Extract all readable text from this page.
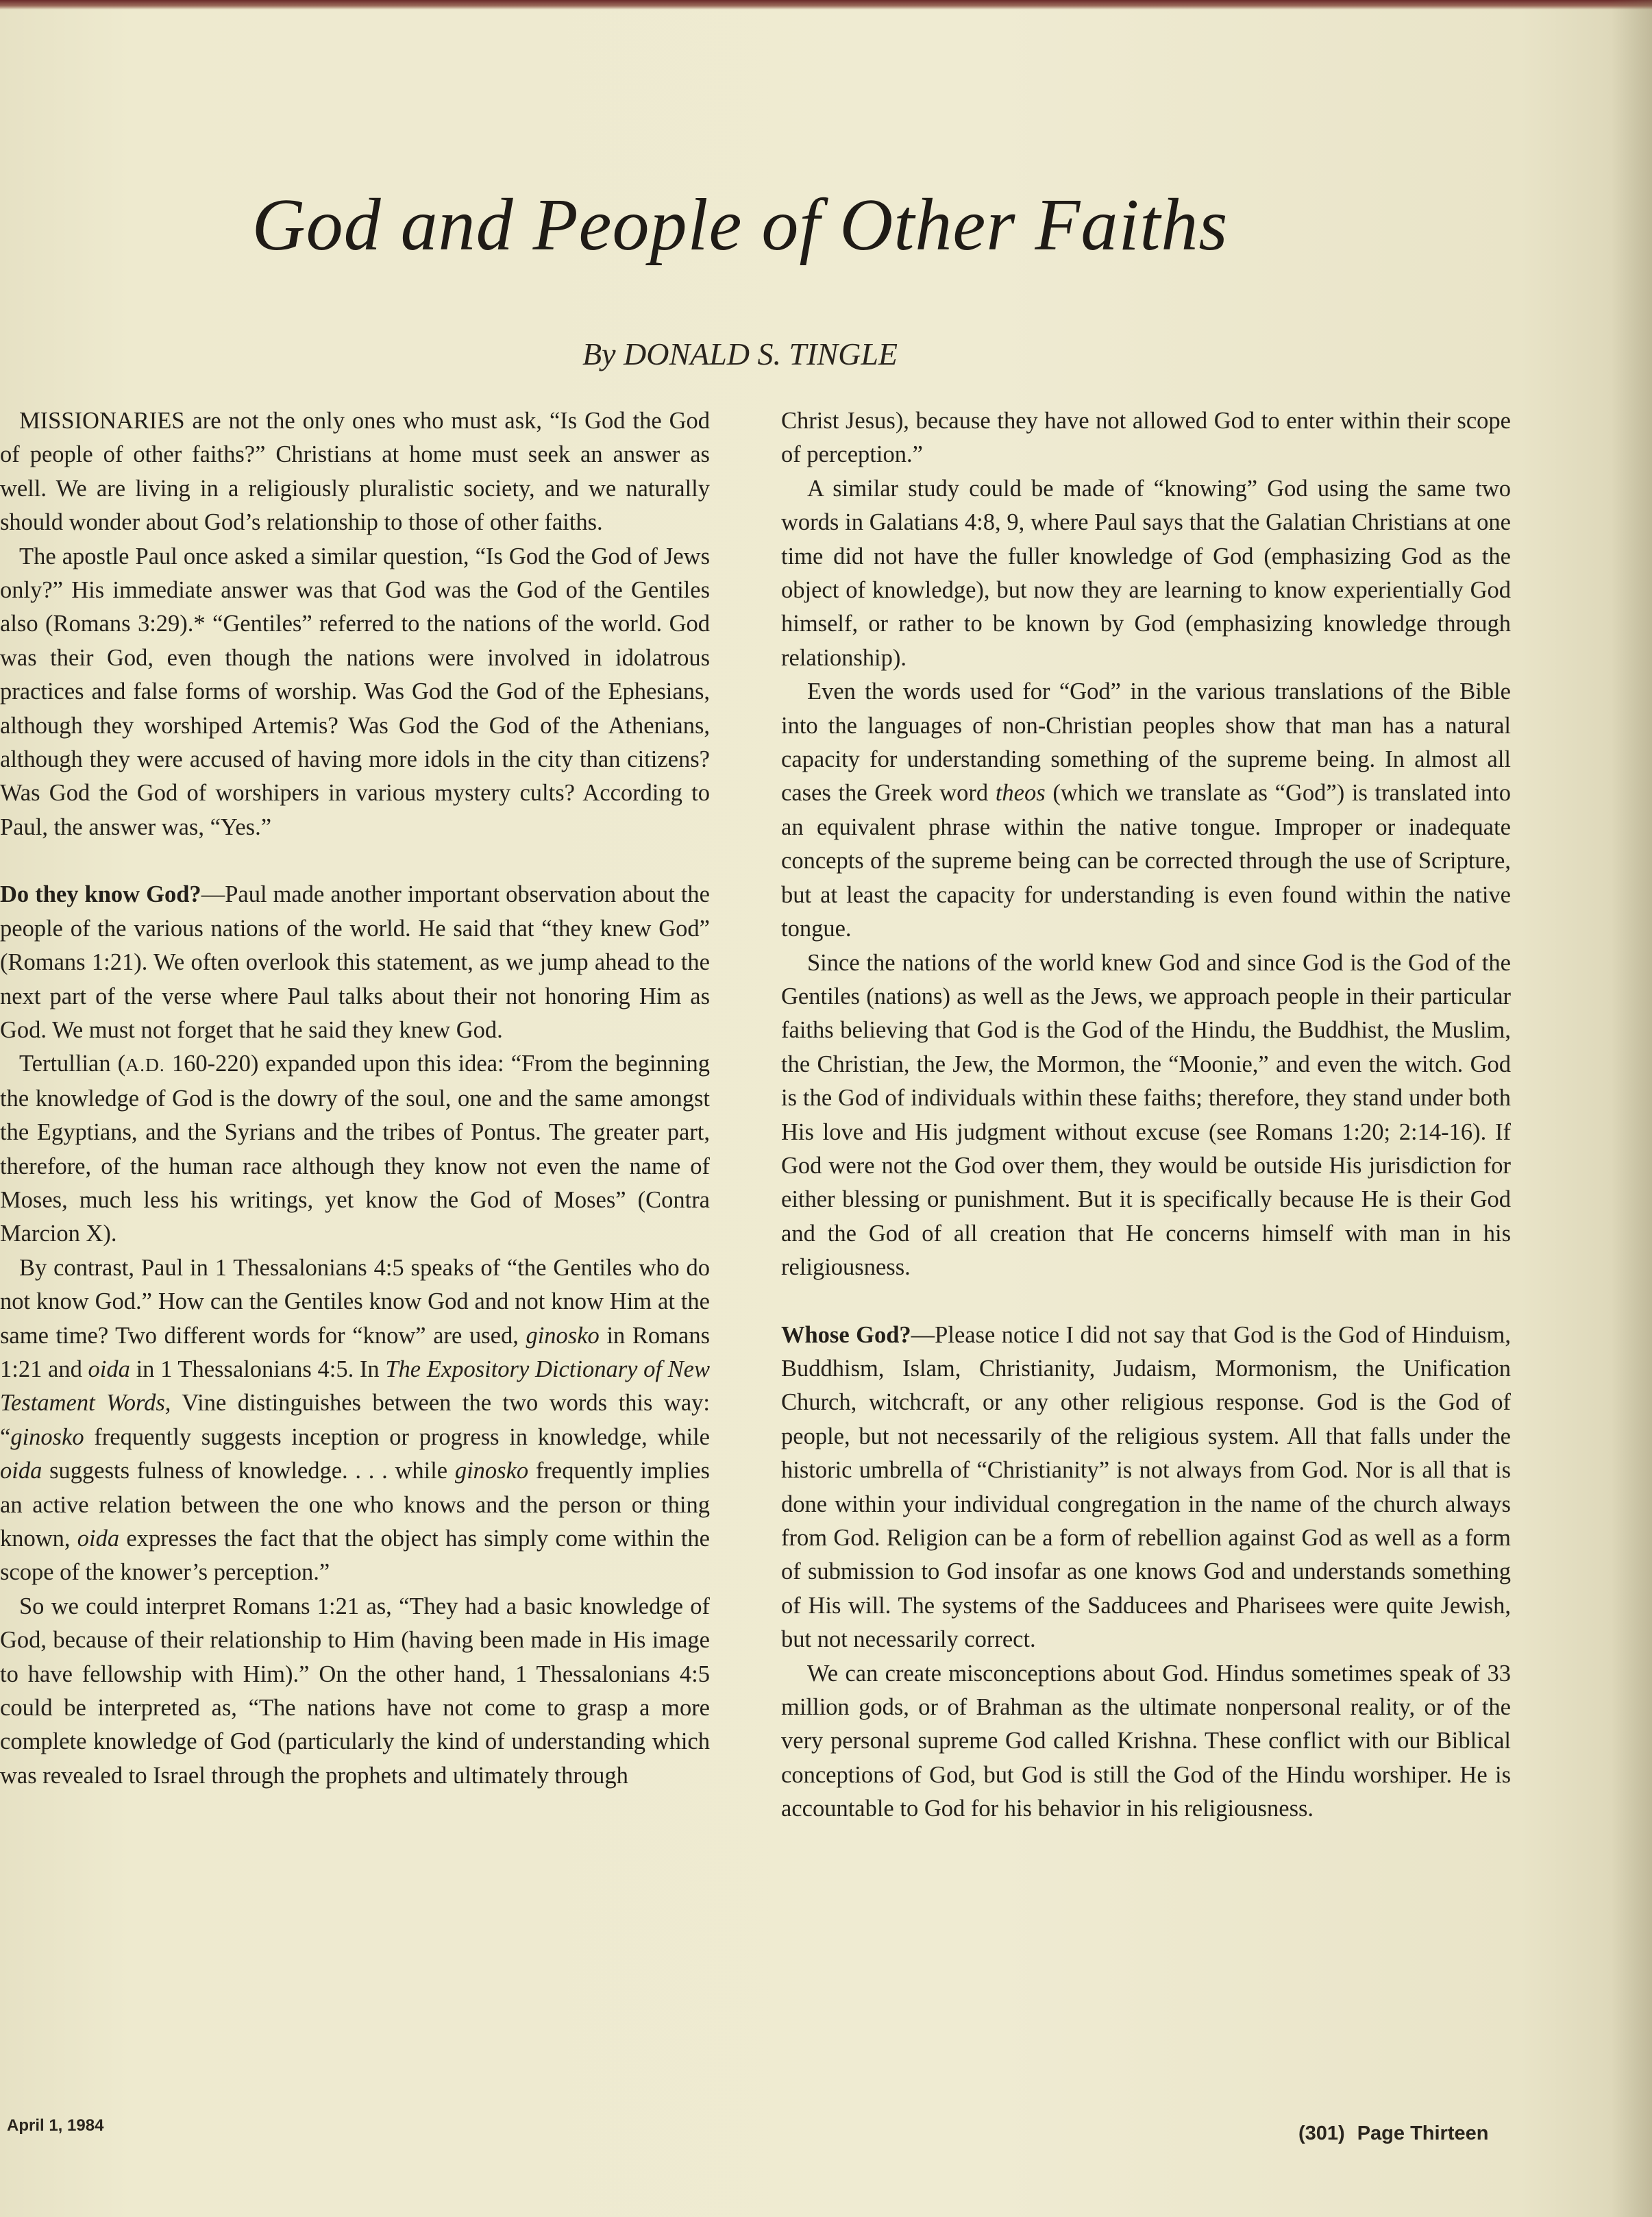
God and People of Other Faiths
By DONALD S. TINGLE

MISSIONARIES are not the only ones who must ask, “Is God the God of people of other faiths?” Christians at home must seek an answer as well. We are living in a religiously pluralistic society, and we naturally should wonder about God’s relationship to those of other faiths.

The apostle Paul once asked a similar question, “Is God the God of Jews only?” His immediate answer was that God was the God of the Gentiles also (Romans 3:29).* “Gentiles” referred to the nations of the world. God was their God, even though the nations were involved in idolatrous practices and false forms of worship. Was God the God of the Ephesians, although they worshiped Artemis? Was God the God of the Athenians, although they were accused of having more idols in the city than citizens? Was God the God of worshipers in various mystery cults? According to Paul, the answer was, “Yes.”

Do they know God?—Paul made another important observation about the people of the various nations of the world. He said that “they knew God” (Romans 1:21). We often overlook this statement, as we jump ahead to the next part of the verse where Paul talks about their not honoring Him as God. We must not forget that he said they knew God.

Tertullian (A.D. 160-220) expanded upon this idea: “From the beginning the knowledge of God is the dowry of the soul, one and the same amongst the Egyptians, and the Syrians and the tribes of Pontus. The greater part, therefore, of the human race although they know not even the name of Moses, much less his writings, yet know the God of Moses” (Contra Marcion X).

By contrast, Paul in 1 Thessalonians 4:5 speaks of “the Gentiles who do not know God.” How can the Gentiles know God and not know Him at the same time? Two different words for “know” are used, ginosko in Romans 1:21 and oida in 1 Thessalonians 4:5. In The Expository Dictionary of New Testament Words, Vine distinguishes between the two words this way: “ginosko frequently suggests inception or progress in knowledge, while oida suggests fulness of knowledge. . . . while ginosko frequently implies an active relation between the one who knows and the person or thing known, oida expresses the fact that the object has simply come within the scope of the knower’s perception.”

So we could interpret Romans 1:21 as, “They had a basic knowledge of God, because of their relationship to Him (having been made in His image to have fellowship with Him).” On the other hand, 1 Thessalonians 4:5 could be interpreted as, “The nations have not come to grasp a more complete knowledge of God (particularly the kind of understanding which was revealed to Israel through the prophets and ultimately through

Christ Jesus), because they have not allowed God to enter within their scope of perception.”

A similar study could be made of “knowing” God using the same two words in Galatians 4:8, 9, where Paul says that the Galatian Christians at one time did not have the fuller knowledge of God (emphasizing God as the object of knowledge), but now they are learning to know experientially God himself, or rather to be known by God (emphasizing knowledge through relationship).

Even the words used for “God” in the various translations of the Bible into the languages of non-Christian peoples show that man has a natural capacity for understanding something of the supreme being. In almost all cases the Greek word theos (which we translate as “God”) is translated into an equivalent phrase within the native tongue. Improper or inadequate concepts of the supreme being can be corrected through the use of Scripture, but at least the capacity for understanding is even found within the native tongue.

Since the nations of the world knew God and since God is the God of the Gentiles (nations) as well as the Jews, we approach people in their particular faiths believing that God is the God of the Hindu, the Buddhist, the Muslim, the Christian, the Jew, the Mormon, the “Moonie,” and even the witch. God is the God of individuals within these faiths; therefore, they stand under both His love and His judgment without excuse (see Romans 1:20; 2:14-16). If God were not the God over them, they would be outside His jurisdiction for either blessing or punishment. But it is specifically because He is their God and the God of all creation that He concerns himself with man in his religiousness.

Whose God?—Please notice I did not say that God is the God of Hinduism, Buddhism, Islam, Christianity, Judaism, Mormonism, the Unification Church, witchcraft, or any other religious response. God is the God of people, but not necessarily of the religious system. All that falls under the historic umbrella of “Christianity” is not always from God. Nor is all that is done within your individual congregation in the name of the church always from God. Religion can be a form of rebellion against God as well as a form of submission to God insofar as one knows God and understands something of His will. The systems of the Sadducees and Pharisees were quite Jewish, but not necessarily correct.

We can create misconceptions about God. Hindus sometimes speak of 33 million gods, or of Brahman as the ultimate nonpersonal reality, or of the very personal supreme God called Krishna. These conflict with our Biblical conceptions of God, but God is still the God of the Hindu worshiper. He is accountable to God for his behavior in his religiousness.

April 1, 1984	(301) Page Thirteen
